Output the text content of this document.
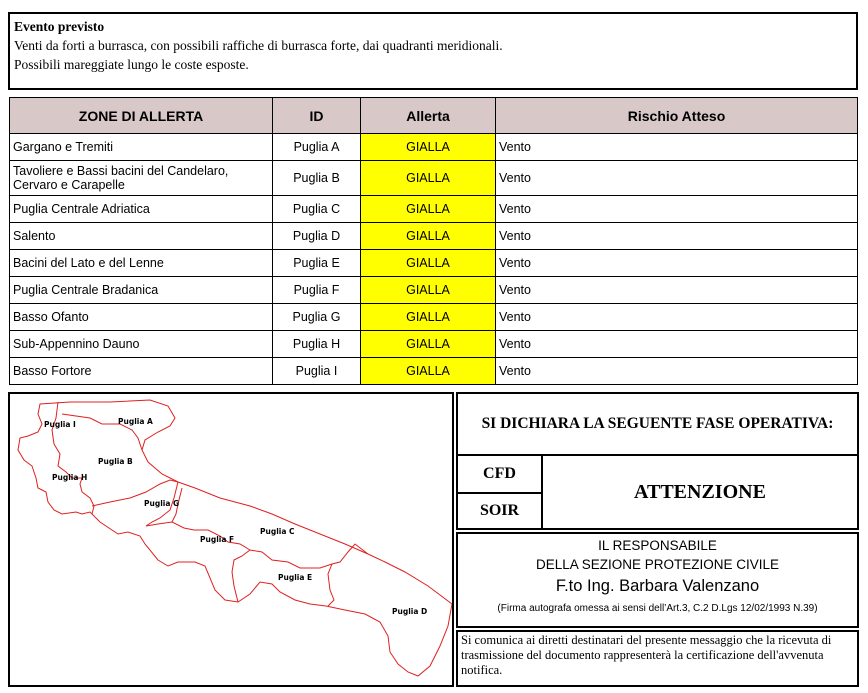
Evento previsto
Venti da forti a burrasca, con possibili raffiche di burrasca forte, dai quadranti meridionali.
Possibili mareggiate lungo le coste esposte.
ZONE DI ALLERTA	ID	Allerta	Rischio Atteso
Gargano e Tremiti	Puglia A	GIALLA	Vento
Tavoliere e Bassi bacini del Candelaro, Cervaro e Carapelle	Puglia B	GIALLA	Vento
Puglia Centrale Adriatica	Puglia C	GIALLA	Vento
Salento	Puglia D	GIALLA	Vento
Bacini del Lato e del Lenne	Puglia E	GIALLA	Vento
Puglia Centrale Bradanica	Puglia F	GIALLA	Vento
Basso Ofanto	Puglia G	GIALLA	Vento
Sub-Appennino Dauno	Puglia H	GIALLA	Vento
Basso Fortore	Puglia I	GIALLA	Vento
Puglia I	Puglia A
Puglia B
Puglia H
Puglia G
Puglia C
Puglia F
Puglia E
Puglia D
SI DICHIARA LA SEGUENTE FASE OPERATIVA:
CFD
SOIR
ATTENZIONE
IL RESPONSABILE
DELLA SEZIONE PROTEZIONE CIVILE
F.to Ing. Barbara Valenzano
(Firma autografa omessa ai sensi dell’Art.3, C.2 D.Lgs 12/02/1993 N.39)
Si comunica ai diretti destinatari del presente messaggio che la ricevuta di trasmissione del documento rappresenterà la certificazione dell'avvenuta notifica.
